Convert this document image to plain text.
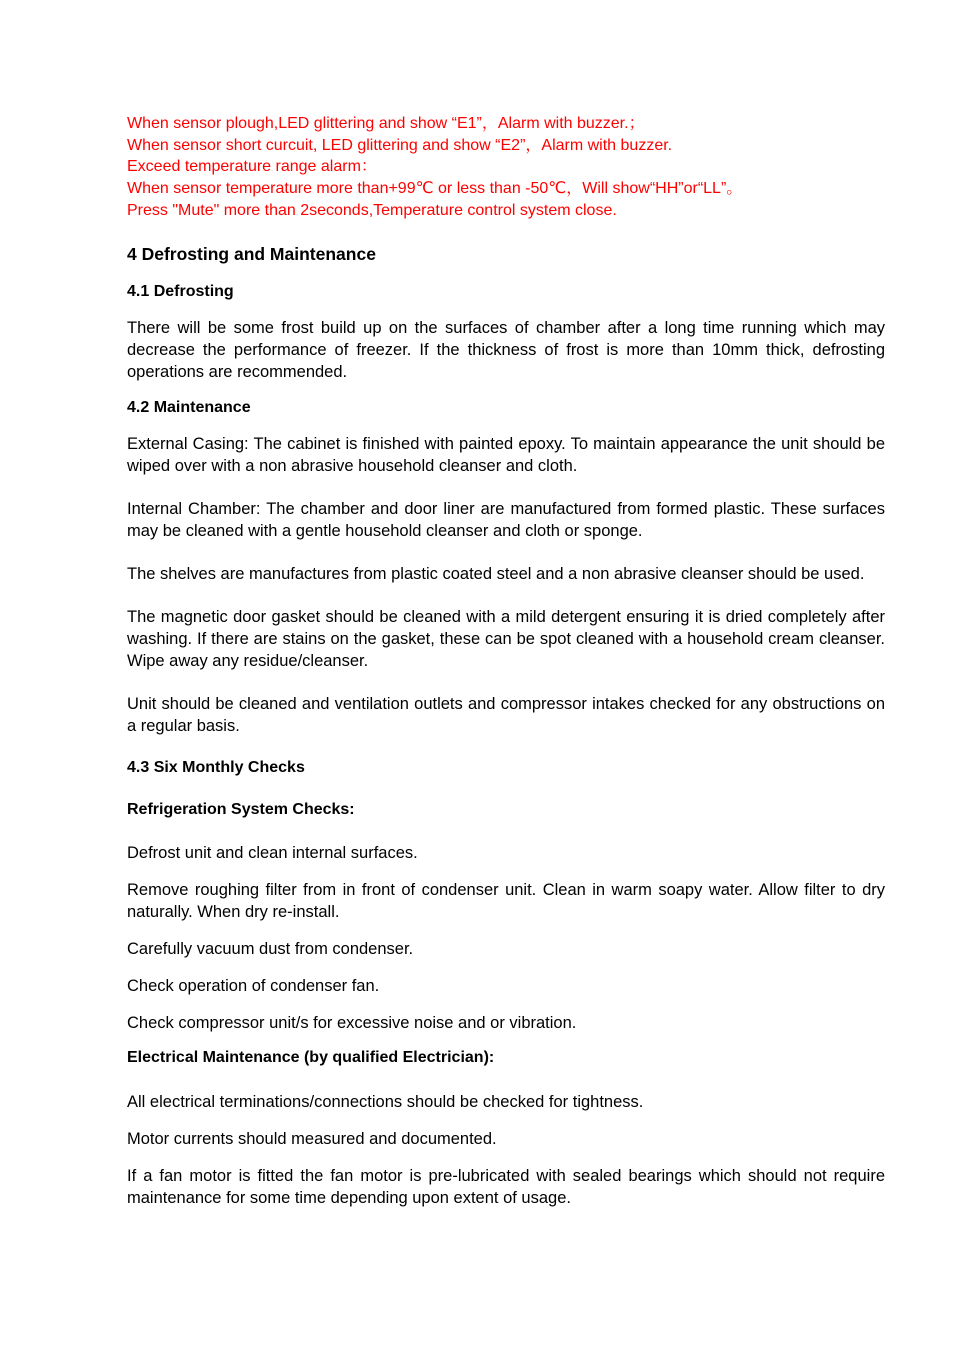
When sensor plough,LED glittering and show “E1”，Alarm with buzzer.；
When sensor short curcuit, LED glittering and show “E2”，Alarm with buzzer.
Exceed temperature range alarm：
When sensor temperature more than+99℃ or less than -50℃，Will show“HH”or“LL”。
Press "Mute" more than 2seconds,Temperature control system close.
4 Defrosting and Maintenance
4.1 Defrosting

There will be some frost build up on the surfaces of chamber after a long time running which may decrease the performance of freezer. If the thickness of frost is more than 10mm thick, defrosting operations are recommended.

4.2 Maintenance

External Casing: The cabinet is finished with painted epoxy. To maintain appearance the unit should be wiped over with a non abrasive household cleanser and cloth.

Internal Chamber: The chamber and door liner are manufactured from formed plastic. These surfaces may be cleaned with a gentle household cleanser and cloth or sponge.

The shelves are manufactures from plastic coated steel and a non abrasive cleanser should be used.

The magnetic door gasket should be cleaned with a mild detergent ensuring it is dried completely after washing. If there are stains on the gasket, these can be spot cleaned with a household cream cleanser. Wipe away any residue/cleanser.

Unit should be cleaned and ventilation outlets and compressor intakes checked for any obstructions on a regular basis.

4.3 Six Monthly Checks
Refrigeration System Checks:

Defrost unit and clean internal surfaces.

Remove roughing filter from in front of condenser unit. Clean in warm soapy water. Allow filter to dry naturally. When dry re-install.

Carefully vacuum dust from condenser.

Check operation of condenser fan.

Check compressor unit/s for excessive noise and or vibration.

Electrical Maintenance (by qualified Electrician):

All electrical terminations/connections should be checked for tightness.

Motor currents should measured and documented.

If a fan motor is fitted the fan motor is pre-lubricated with sealed bearings which should not require maintenance for some time depending upon extent of usage.
